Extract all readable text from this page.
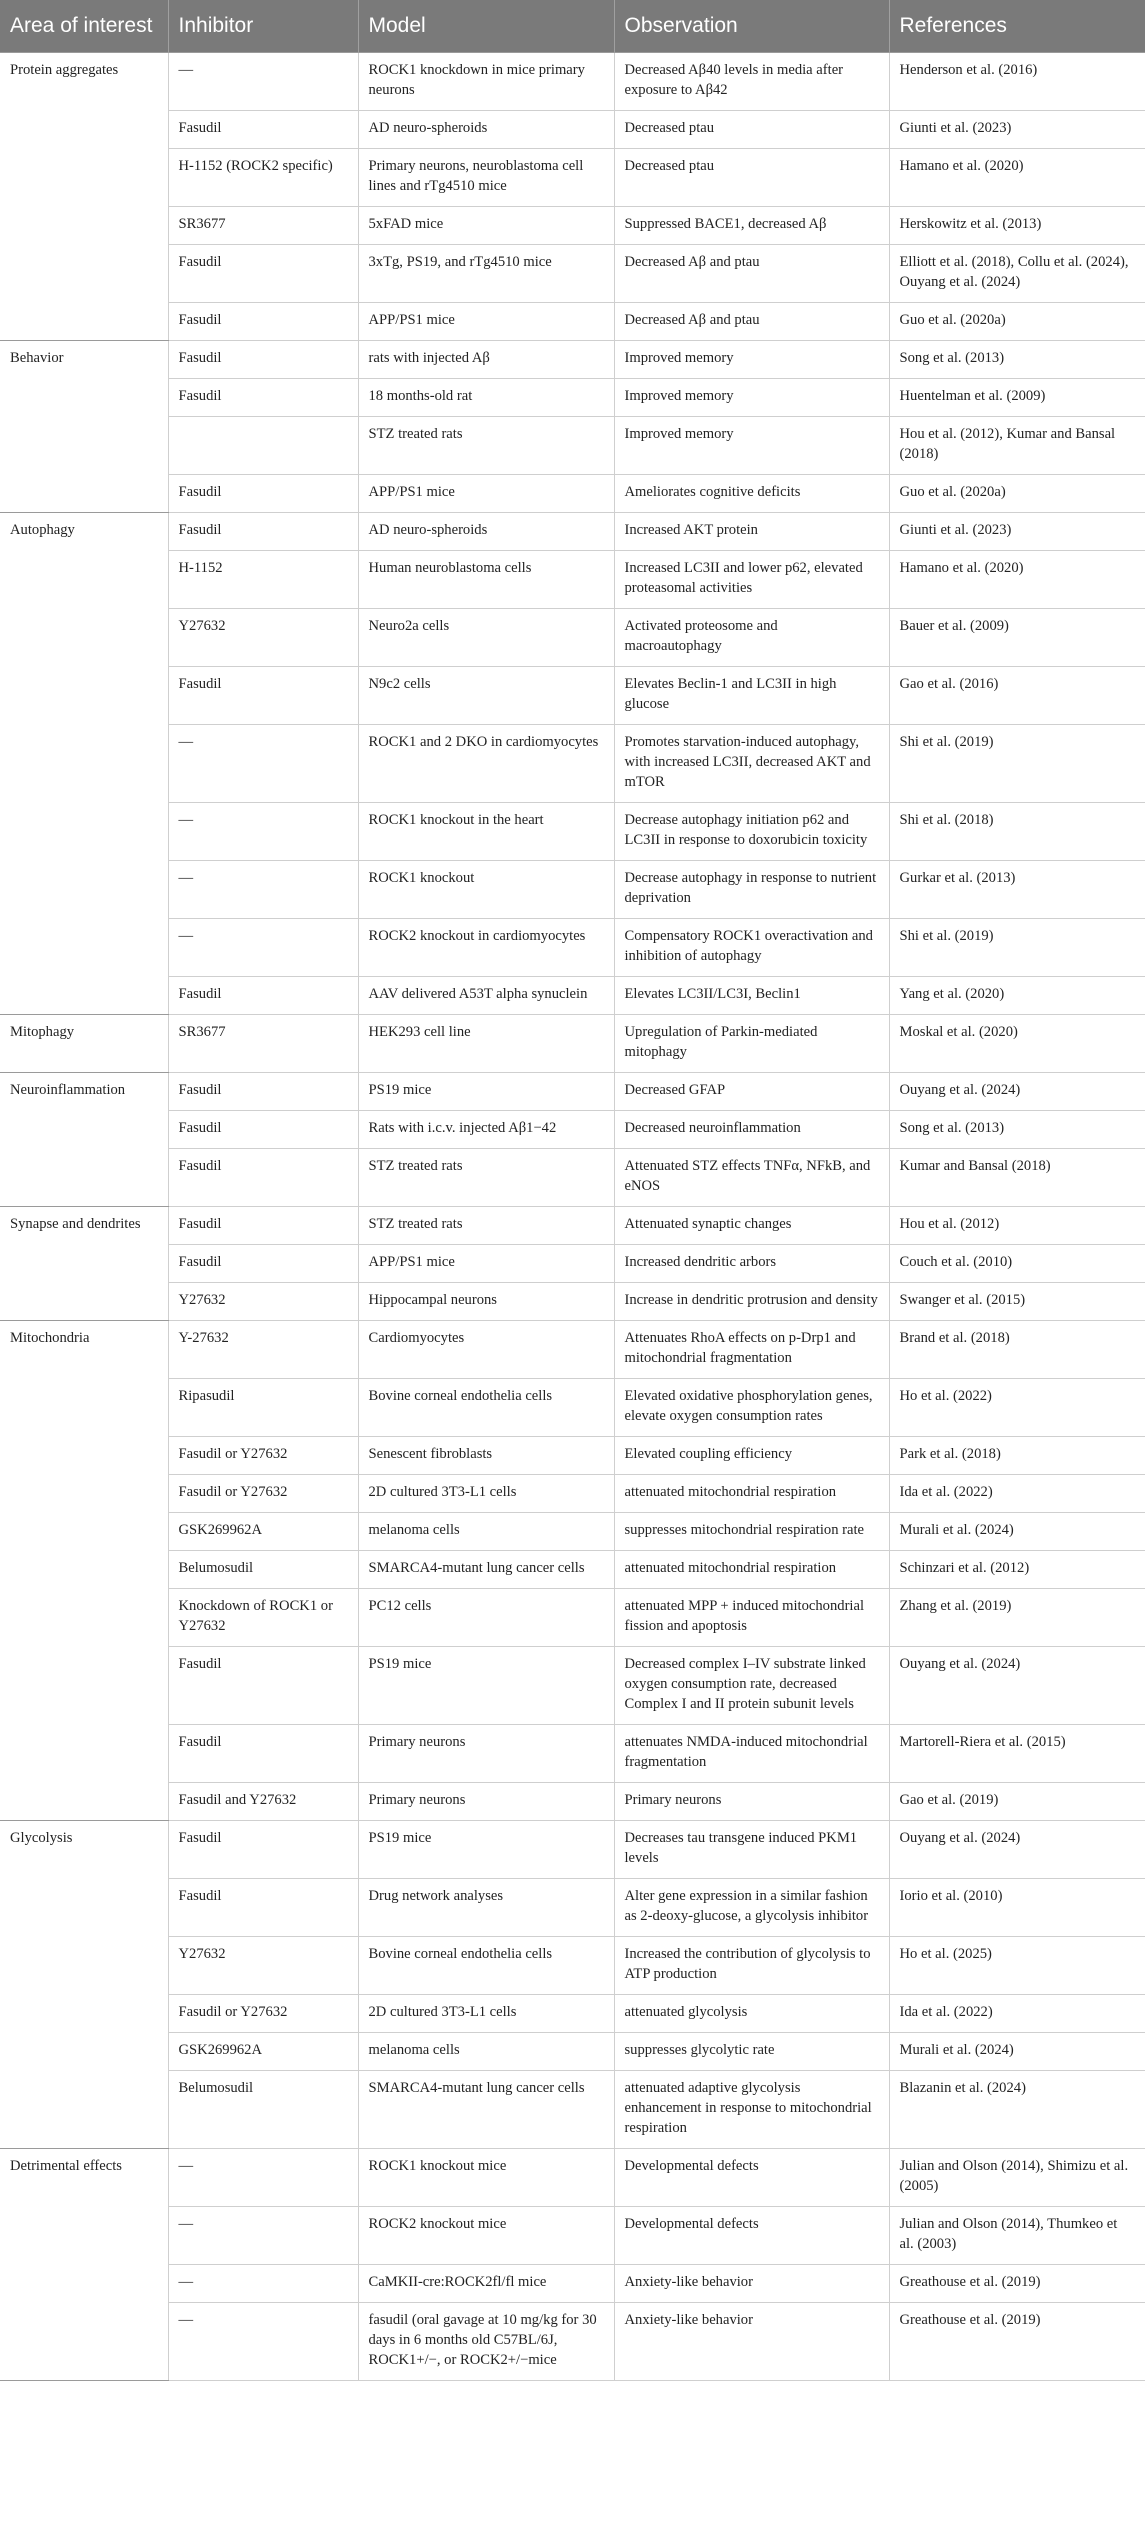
Area of interest	Inhibitor	Model	Observation	References
Protein aggregates	—	ROCK1 knockdown in mice primary neurons	Decreased Aβ40 levels in media after exposure to Aβ42	Henderson et al. (2016)
	Fasudil	AD neuro-spheroids	Decreased ptau	Giunti et al. (2023)
	H-1152 (ROCK2 specific)	Primary neurons, neuroblastoma cell lines and rTg4510 mice	Decreased ptau	Hamano et al. (2020)
	SR3677	5xFAD mice	Suppressed BACE1, decreased Aβ	Herskowitz et al. (2013)
	Fasudil	3xTg, PS19, and rTg4510 mice	Decreased Aβ and ptau	Elliott et al. (2018), Collu et al. (2024), Ouyang et al. (2024)
	Fasudil	APP/PS1 mice	Decreased Aβ and ptau	Guo et al. (2020a)
Behavior	Fasudil	rats with injected Aβ	Improved memory	Song et al. (2013)
	Fasudil	18 months-old rat	Improved memory	Huentelman et al. (2009)
		STZ treated rats	Improved memory	Hou et al. (2012), Kumar and Bansal (2018)
	Fasudil	APP/PS1 mice	Ameliorates cognitive deficits	Guo et al. (2020a)
Autophagy	Fasudil	AD neuro-spheroids	Increased AKT protein	Giunti et al. (2023)
	H-1152	Human neuroblastoma cells	Increased LC3II and lower p62, elevated proteasomal activities	Hamano et al. (2020)
	Y27632	Neuro2a cells	Activated proteosome and macroautophagy	Bauer et al. (2009)
	Fasudil	N9c2 cells	Elevates Beclin-1 and LC3II in high glucose	Gao et al. (2016)
	—	ROCK1 and 2 DKO in cardiomyocytes	Promotes starvation-induced autophagy, with increased LC3II, decreased AKT and mTOR	Shi et al. (2019)
	—	ROCK1 knockout in the heart	Decrease autophagy initiation p62 and LC3II in response to doxorubicin toxicity	Shi et al. (2018)
	—	ROCK1 knockout	Decrease autophagy in response to nutrient deprivation	Gurkar et al. (2013)
	—	ROCK2 knockout in cardiomyocytes	Compensatory ROCK1 overactivation and inhibition of autophagy	Shi et al. (2019)
	Fasudil	AAV delivered A53T alpha synuclein	Elevates LC3II/LC3I, Beclin1	Yang et al. (2020)
Mitophagy	SR3677	HEK293 cell line	Upregulation of Parkin-mediated mitophagy	Moskal et al. (2020)
Neuroinflammation	Fasudil	PS19 mice	Decreased GFAP	Ouyang et al. (2024)
	Fasudil	Rats with i.c.v. injected Aβ1−42	Decreased neuroinflammation	Song et al. (2013)
	Fasudil	STZ treated rats	Attenuated STZ effects TNFα, NFkB, and eNOS	Kumar and Bansal (2018)
Synapse and dendrites	Fasudil	STZ treated rats	Attenuated synaptic changes	Hou et al. (2012)
	Fasudil	APP/PS1 mice	Increased dendritic arbors	Couch et al. (2010)
	Y27632	Hippocampal neurons	Increase in dendritic protrusion and density	Swanger et al. (2015)
Mitochondria	Y-27632	Cardiomyocytes	Attenuates RhoA effects on p-Drp1 and mitochondrial fragmentation	Brand et al. (2018)
	Ripasudil	Bovine corneal endothelia cells	Elevated oxidative phosphorylation genes, elevate oxygen consumption rates	Ho et al. (2022)
	Fasudil or Y27632	Senescent fibroblasts	Elevated coupling efficiency	Park et al. (2018)
	Fasudil or Y27632	2D cultured 3T3-L1 cells	attenuated mitochondrial respiration	Ida et al. (2022)
	GSK269962A	melanoma cells	suppresses mitochondrial respiration rate	Murali et al. (2024)
	Belumosudil	SMARCA4-mutant lung cancer cells	attenuated mitochondrial respiration	Schinzari et al. (2012)
	Knockdown of ROCK1 or Y27632	PC12 cells	attenuated MPP + induced mitochondrial fission and apoptosis	Zhang et al. (2019)
	Fasudil	PS19 mice	Decreased complex I–IV substrate linked oxygen consumption rate, decreased Complex I and II protein subunit levels	Ouyang et al. (2024)
	Fasudil	Primary neurons	attenuates NMDA-induced mitochondrial fragmentation	Martorell-Riera et al. (2015)
	Fasudil and Y27632	Primary neurons	Primary neurons	Gao et al. (2019)
Glycolysis	Fasudil	PS19 mice	Decreases tau transgene induced PKM1 levels	Ouyang et al. (2024)
	Fasudil	Drug network analyses	Alter gene expression in a similar fashion as 2-deoxy-glucose, a glycolysis inhibitor	Iorio et al. (2010)
	Y27632	Bovine corneal endothelia cells	Increased the contribution of glycolysis to ATP production	Ho et al. (2025)
	Fasudil or Y27632	2D cultured 3T3-L1 cells	attenuated glycolysis	Ida et al. (2022)
	GSK269962A	melanoma cells	suppresses glycolytic rate	Murali et al. (2024)
	Belumosudil	SMARCA4-mutant lung cancer cells	attenuated adaptive glycolysis enhancement in response to mitochondrial respiration	Blazanin et al. (2024)
Detrimental effects	—	ROCK1 knockout mice	Developmental defects	Julian and Olson (2014), Shimizu et al. (2005)
	—	ROCK2 knockout mice	Developmental defects	Julian and Olson (2014), Thumkeo et al. (2003)
	—	CaMKII-cre:ROCK2fl/fl mice	Anxiety-like behavior	Greathouse et al. (2019)
	—	fasudil (oral gavage at 10 mg/kg for 30 days in 6 months old C57BL/6J, ROCK1+/−, or ROCK2+/−mice	Anxiety-like behavior	Greathouse et al. (2019)
